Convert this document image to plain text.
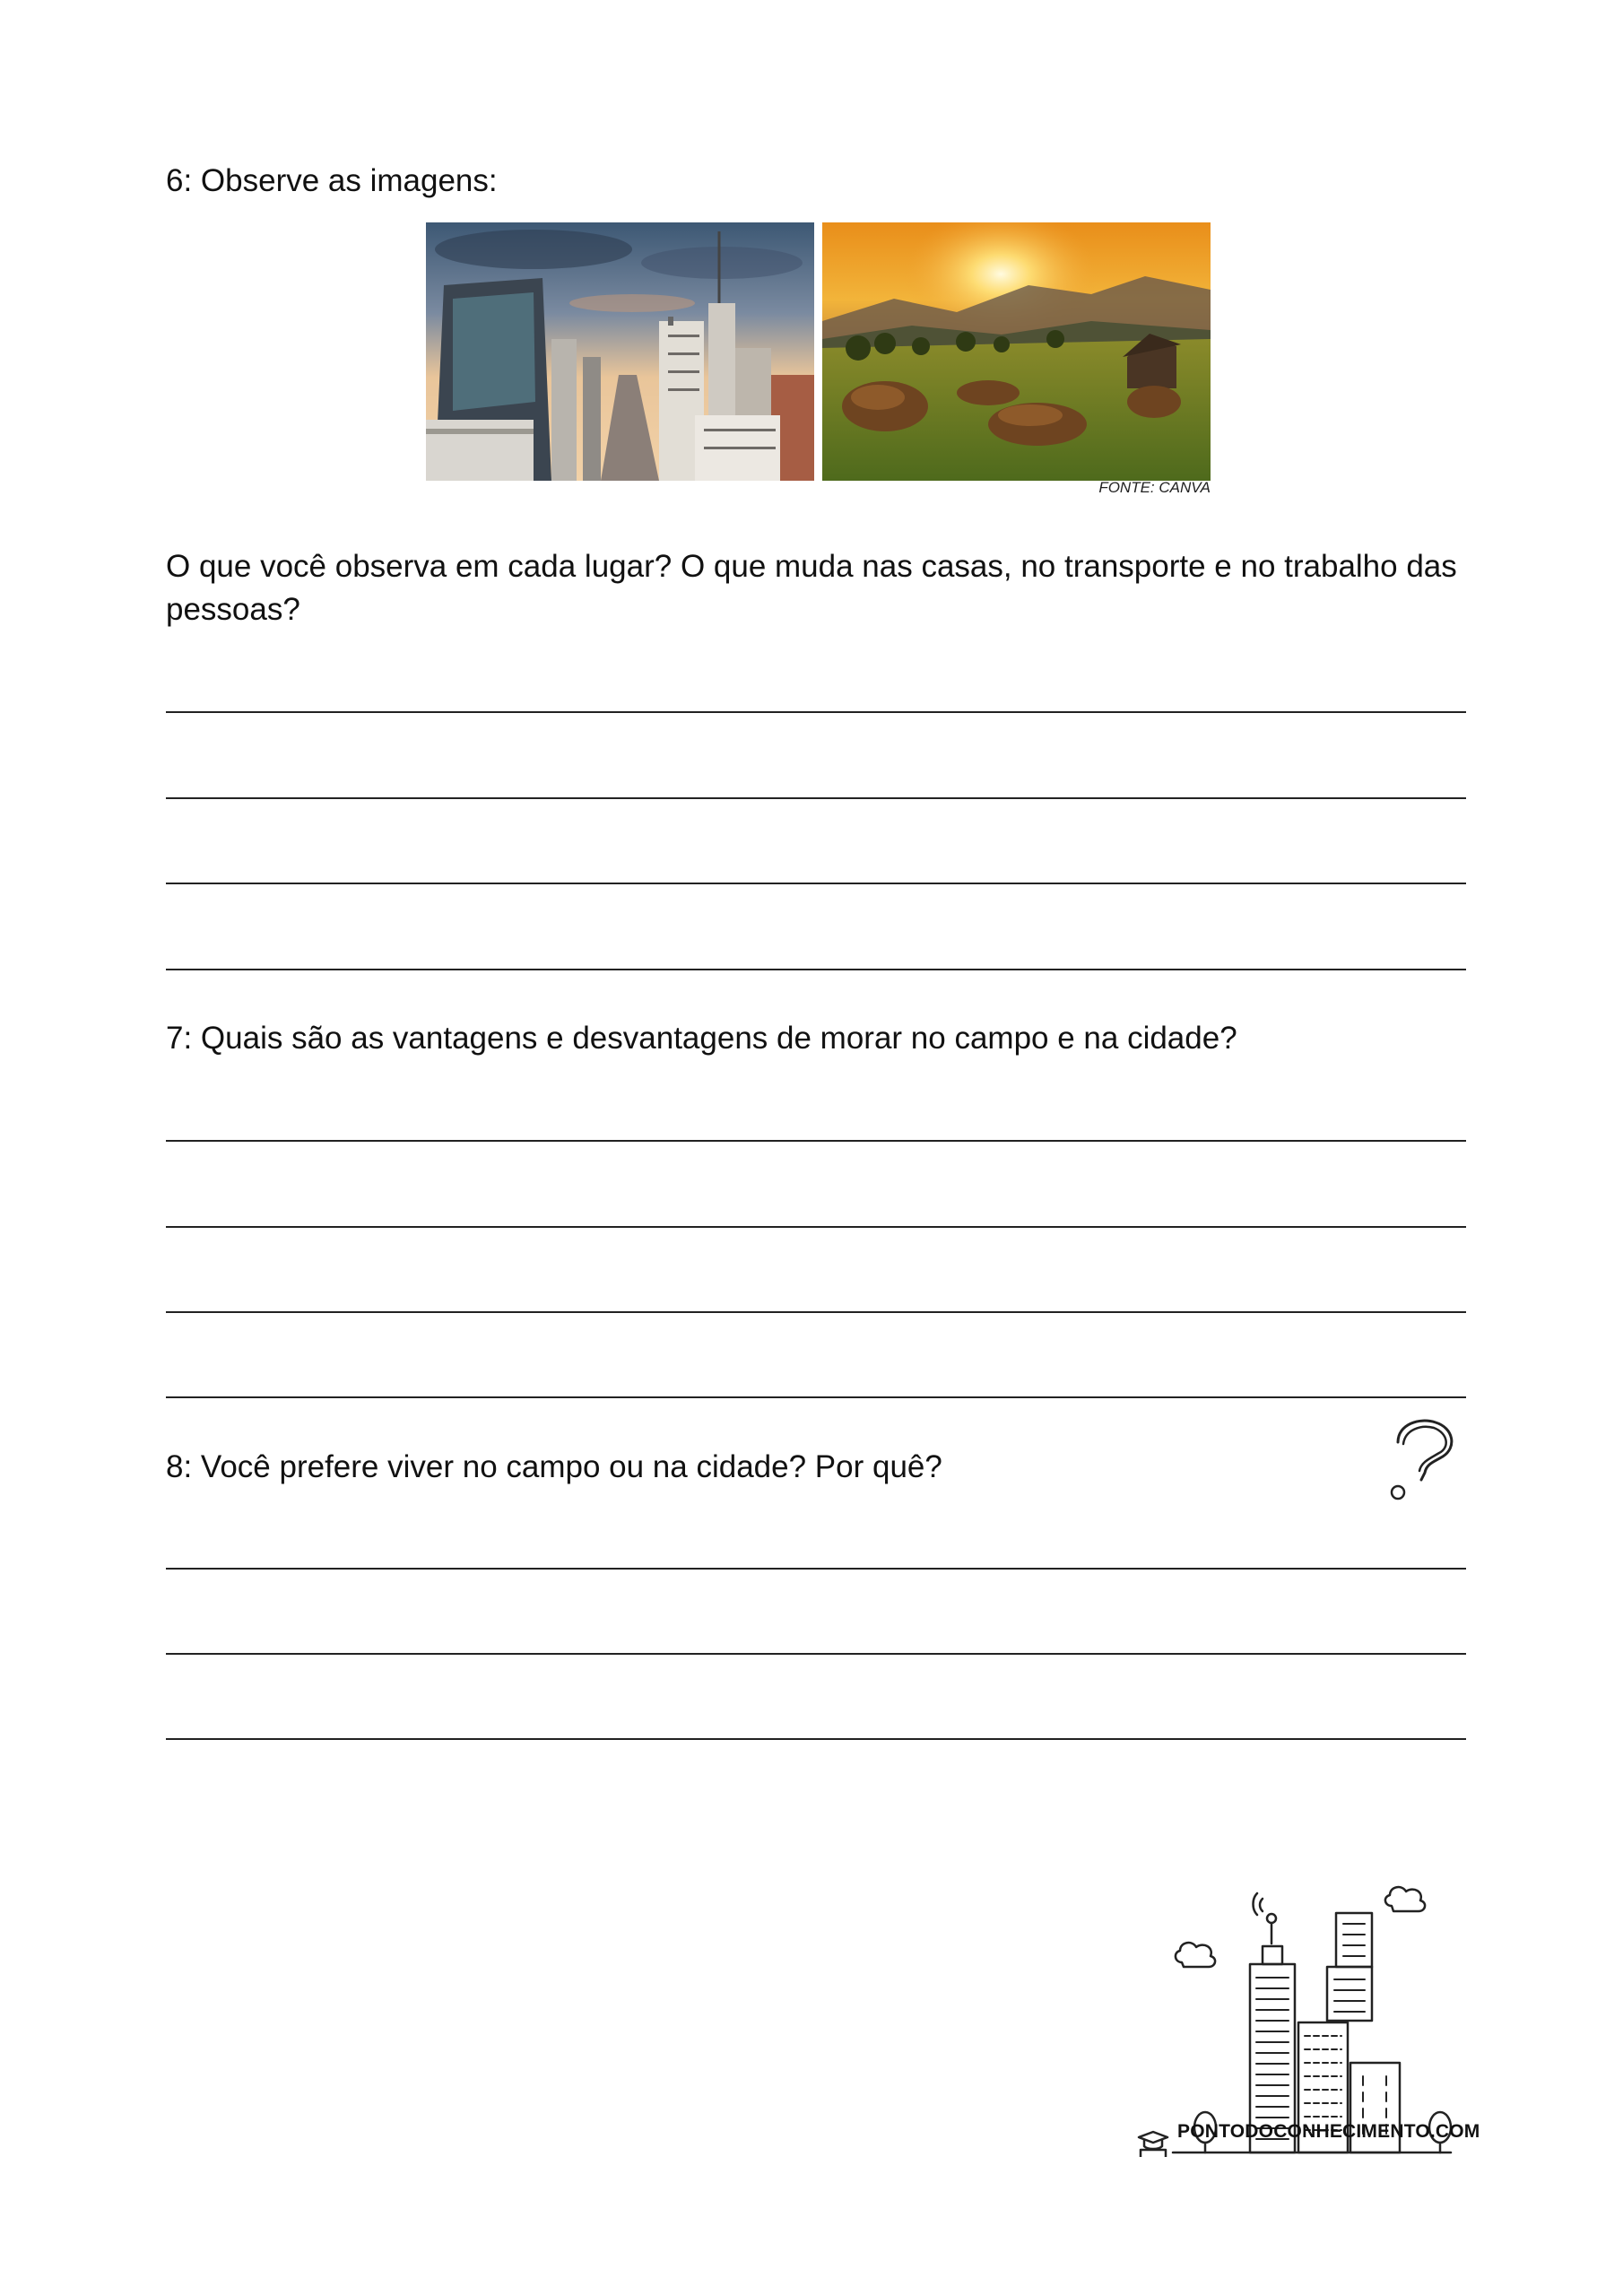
6: Observe as imagens:

FONTE: CANVA

O que você observa em cada lugar? O que muda nas casas, no transporte e no trabalho das pessoas?

7: Quais são as vantagens e desvantagens de morar no campo e na cidade?

8: Você prefere viver no campo ou na cidade? Por quê?

PONTODOCONHECIMENTO.COM
